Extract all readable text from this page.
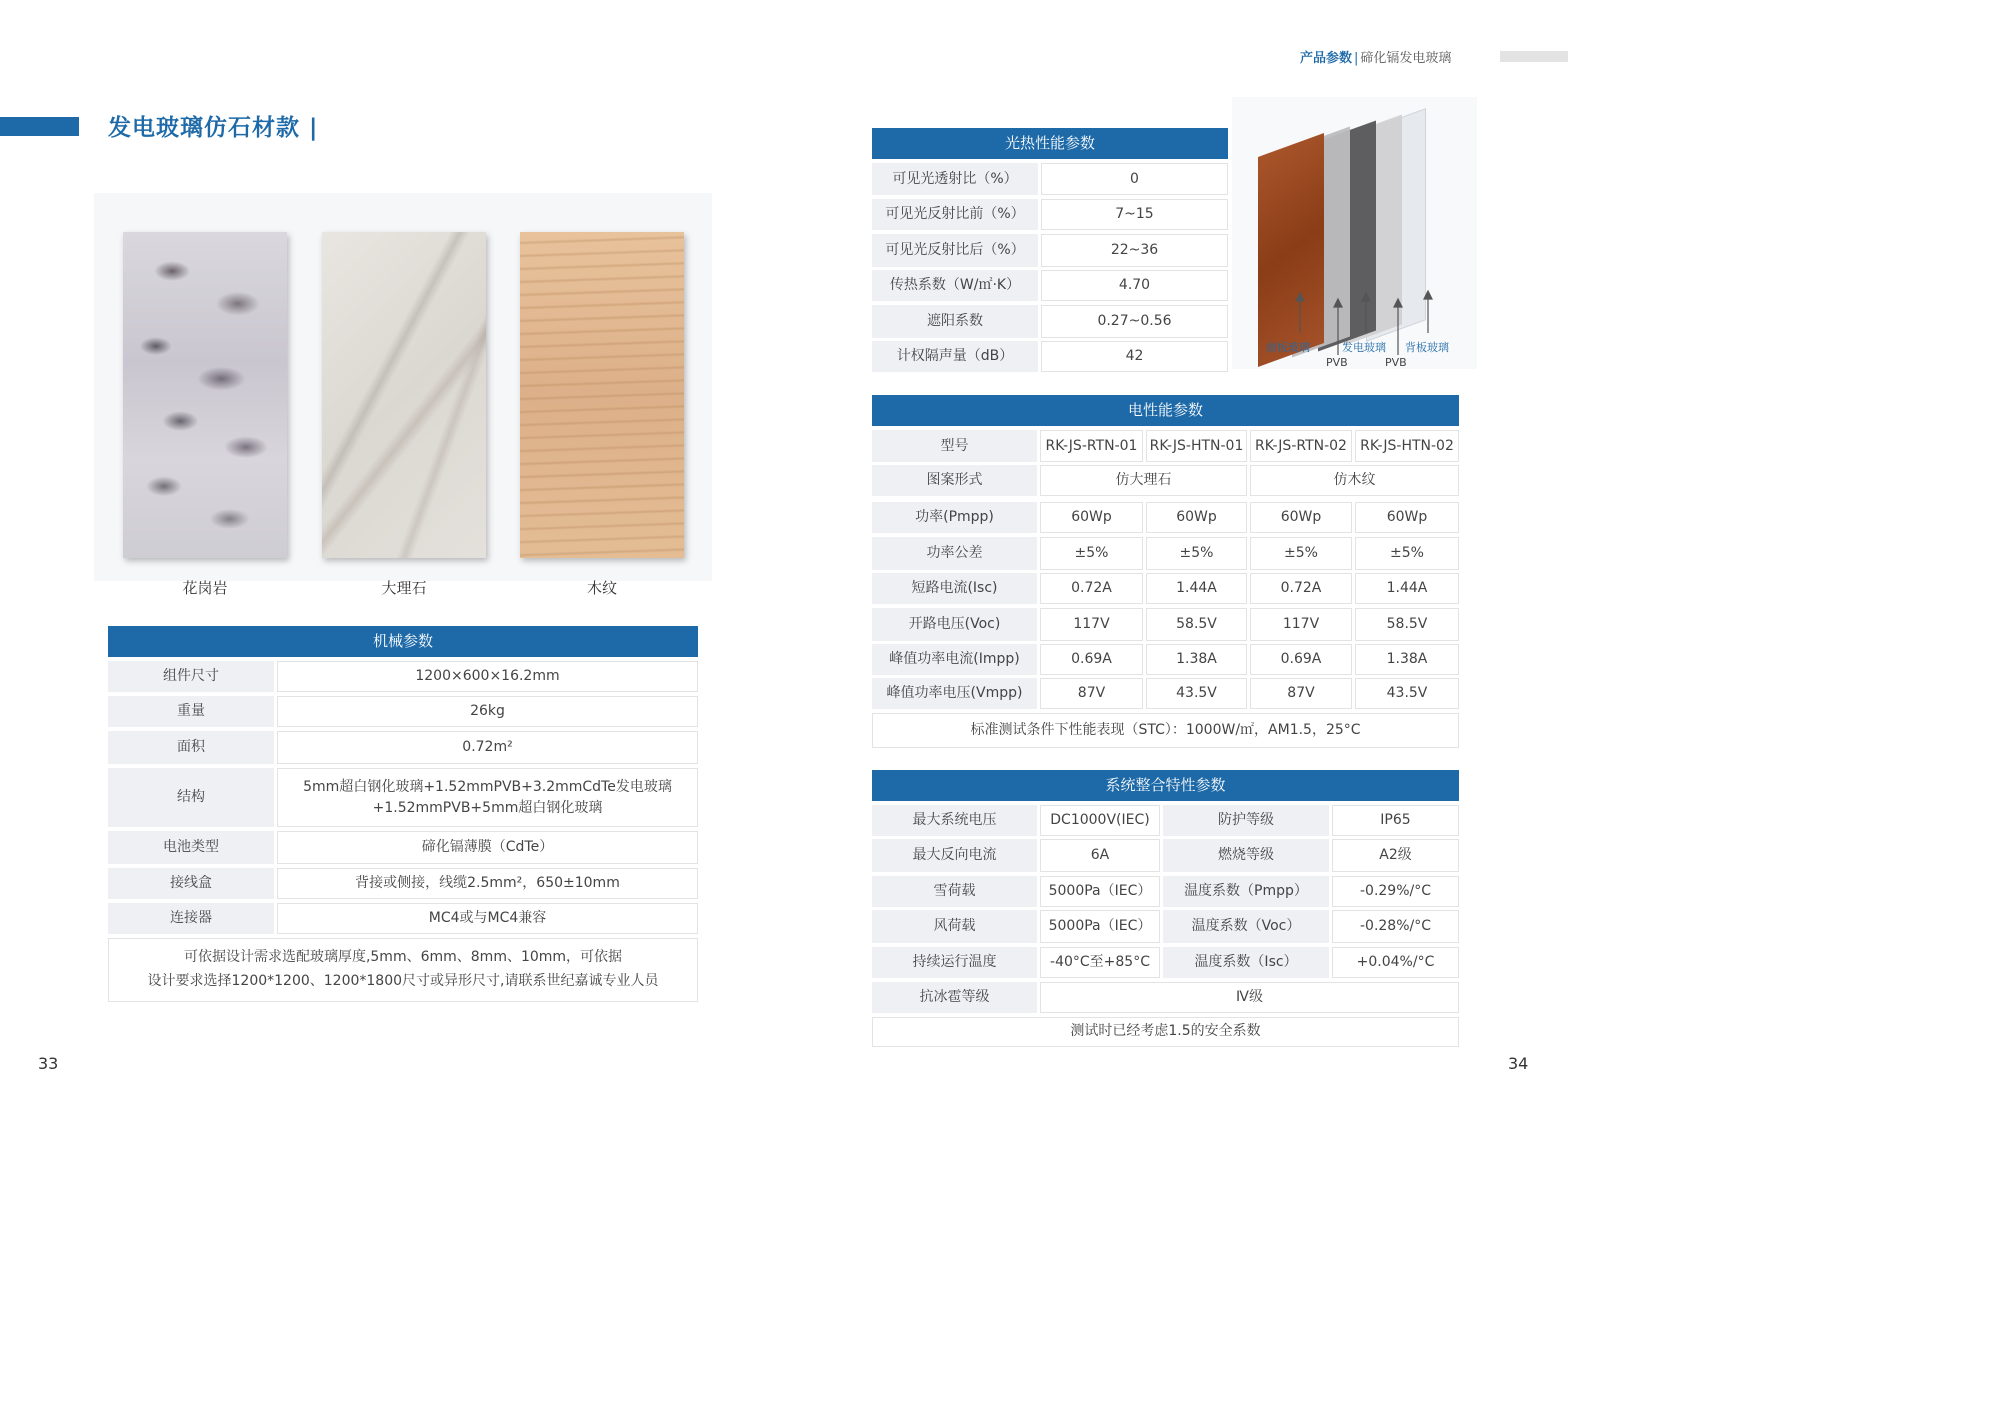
发电玻璃仿石材款 |
花岗岩	大理石	木纹
机械参数
组件尺寸	1200×600×16.2mm
重量	26kg
面积	0.72m²
结构
5mm超白钢化玻璃+1.52mmPVB+3.2mmCdTe发电玻璃
+1.52mmPVB+5mm超白钢化玻璃
电池类型	碲化镉薄膜（CdTe）
接线盒	背接或侧接，线缆2.5mm²，650±10mm
连接器	MC4或与MC4兼容
可依据设计需求选配玻璃厚度,5mm、6mm、8mm、10mm，可依据
设计要求选择1200*1200、1200*1800尺寸或异形尺寸,请联系世纪嘉诚专业人员
33
产品参数 | 碲化镉发电玻璃
光热性能参数
可见光透射比（%）	0
可见光反射比前（%）	7~15
可见光反射比后（%）	22~36
传热系数（W/㎡·K）	4.70
遮阳系数	0.27~0.56
计权隔声量（dB）	42
前板玻璃
PVB
发电玻璃
PVB
背板玻璃
电性能参数
型号	RK-JS-RTN-01 RK-JS-HTN-01 RK-JS-RTN-02 RK-JS-HTN-02
图案形式	仿大理石	仿木纹
功率(Pmpp)	60Wp	60Wp	60Wp	60Wp
功率公差	±5%	±5%	±5%	±5%
短路电流(Isc)	0.72A	1.44A	0.72A	1.44A
开路电压(Voc)	117V	58.5V	117V	58.5V
峰值功率电流(Impp)	0.69A	1.38A	0.69A	1.38A
峰值功率电压(Vmpp)	87V	43.5V	87V	43.5V
标准测试条件下性能表现（STC）：1000W/㎡，AM1.5，25°C
系统整合特性参数
最大系统电压	DC1000V(IEC)	防护等级	IP65
最大反向电流	6A	燃烧等级	A2级
雪荷载	5000Pa（IEC）	温度系数（Pmpp）	-0.29%/°C
风荷载	5000Pa（IEC）	温度系数（Voc）	-0.28%/°C
持续运行温度	-40°C至+85°C	温度系数（Isc）	+0.04%/°C
抗冰雹等级	Ⅳ级
测试时已经考虑1.5的安全系数
34
